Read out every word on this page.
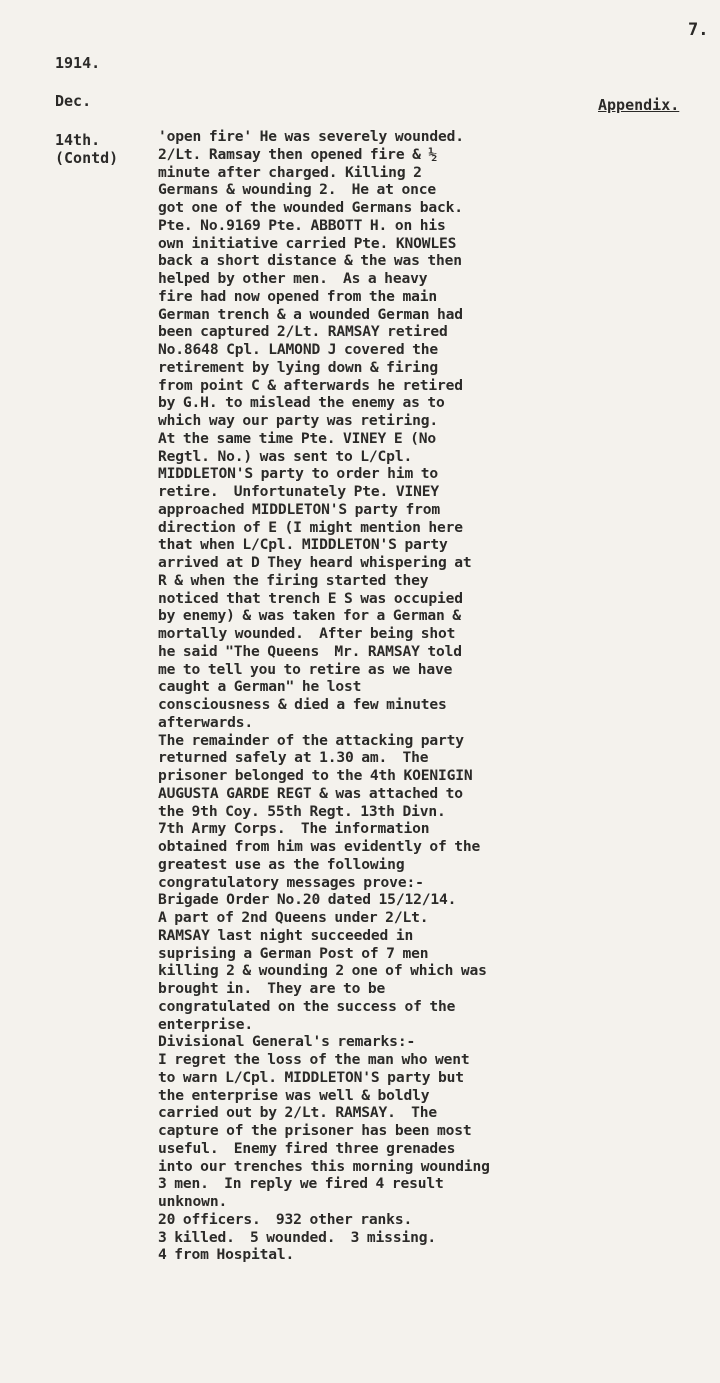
7.
1914.
Dec.	Appendix.
14th.
(Contd)
'open fire' He was severely wounded.
2/Lt. Ramsay then opened fire & ½
minute after charged. Killing 2
Germans & wounding 2.  He at once
got one of the wounded Germans back.
Pte. No.9169 Pte. ABBOTT H. on his
own initiative carried Pte. KNOWLES
back a short distance & the was then
helped by other men.  As a heavy
fire had now opened from the main
German trench & a wounded German had
been captured 2/Lt. RAMSAY retired
No.8648 Cpl. LAMOND J covered the
retirement by lying down & firing
from point C & afterwards he retired
by G.H. to mislead the enemy as to
which way our party was retiring.
At the same time Pte. VINEY E (No
Regtl. No.) was sent to L/Cpl.
MIDDLETON'S party to order him to
retire.  Unfortunately Pte. VINEY
approached MIDDLETON'S party from
direction of E (I might mention here
that when L/Cpl. MIDDLETON'S party
arrived at D They heard whispering at
R & when the firing started they
noticed that trench E S was occupied
by enemy) & was taken for a German &
mortally wounded.  After being shot
he said "The Queens  Mr. RAMSAY told
me to tell you to retire as we have
caught a German" he lost
consciousness & died a few minutes
afterwards.
The remainder of the attacking party
returned safely at 1.30 am.  The
prisoner belonged to the 4th KOENIGIN
AUGUSTA GARDE REGT & was attached to
the 9th Coy. 55th Regt. 13th Divn.
7th Army Corps.  The information
obtained from him was evidently of the
greatest use as the following
congratulatory messages prove:-
Brigade Order No.20 dated 15/12/14.
A part of 2nd Queens under 2/Lt.
RAMSAY last night succeeded in
suprising a German Post of 7 men
killing 2 & wounding 2 one of which was
brought in.  They are to be
congratulated on the success of the
enterprise.
Divisional General's remarks:-
I regret the loss of the man who went
to warn L/Cpl. MIDDLETON'S party but
the enterprise was well & boldly
carried out by 2/Lt. RAMSAY.  The
capture of the prisoner has been most
useful.  Enemy fired three grenades
into our trenches this morning wounding
3 men.  In reply we fired 4 result
unknown.
20 officers.  932 other ranks.
3 killed.  5 wounded.  3 missing.
4 from Hospital.
